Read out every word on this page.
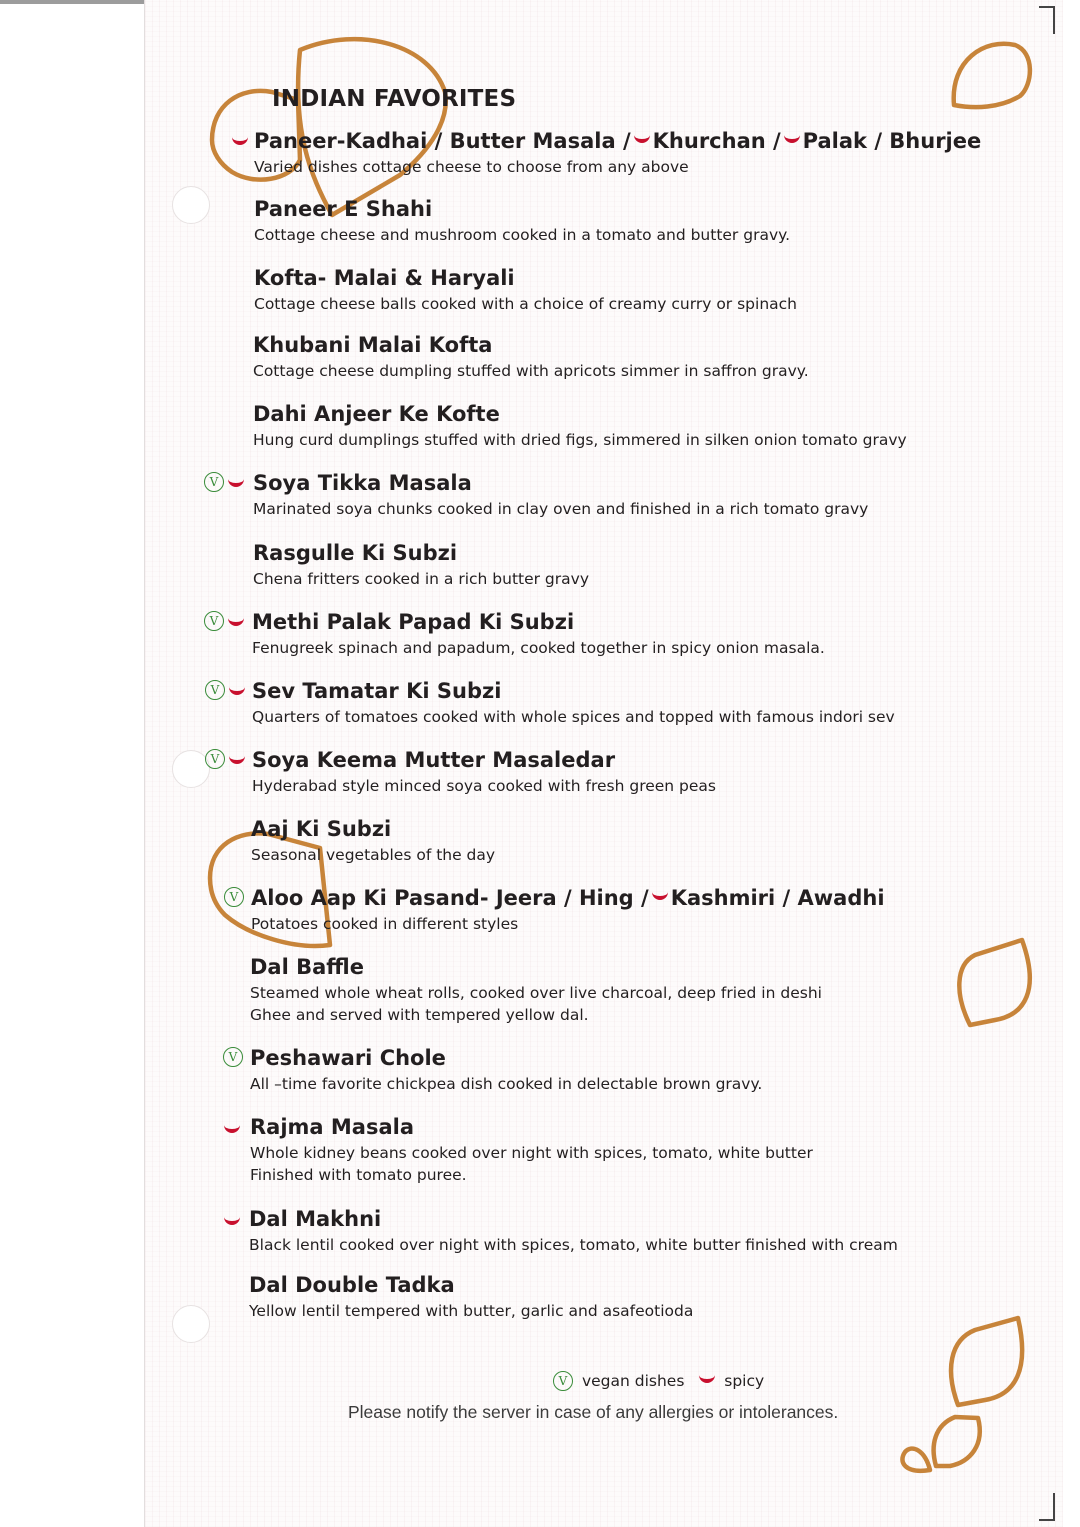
INDIAN FAVORITES

Paneer-Kadhai / Butter Masala / Khurchan / Palak / Bhurjee

Varied dishes cottage cheese to choose from any above

Paneer E Shahi

Cottage cheese and mushroom cooked in a tomato and butter gravy.

Kofta- Malai & Haryali

Cottage cheese balls cooked with a choice of creamy curry or spinach

Khubani Malai Kofta

Cottage cheese dumpling stuffed with apricots simmer in saffron gravy.

Dahi Anjeer Ke Kofte

Hung curd dumplings stuffed with dried figs, simmered in silken onion tomato gravy

V	Soya Tikka Masala

Marinated soya chunks cooked in clay oven and finished in a rich tomato gravy

Rasgulle Ki Subzi

Chena fritters cooked in a rich butter gravy

V	Methi Palak Papad Ki Subzi

Fenugreek spinach and papadum, cooked together in spicy onion masala.

V	Sev Tamatar Ki Subzi

Quarters of tomatoes cooked with whole spices and topped with famous indori sev

V	Soya Keema Mutter Masaledar

Hyderabad style minced soya cooked with fresh green peas

Aaj Ki Subzi

Seasonal vegetables of the day

V Aloo Aap Ki Pasand- Jeera / Hing / Kashmiri / Awadhi

Potatoes cooked in different styles

Dal Baffle

Steamed whole wheat rolls, cooked over live charcoal, deep fried in deshi
Ghee and served with tempered yellow dal.

V Peshawari Chole

All –time favorite chickpea dish cooked in delectable brown gravy.

Rajma Masala

Whole kidney beans cooked over night with spices, tomato, white butter
Finished with tomato puree.

Dal Makhni

Black lentil cooked over night with spices, tomato, white butter finished with cream

Dal Double Tadka

Yellow lentil tempered with butter, garlic and asafeotioda

V vegan dishes	spicy
Please notify the server in case of any allergies or intolerances.
